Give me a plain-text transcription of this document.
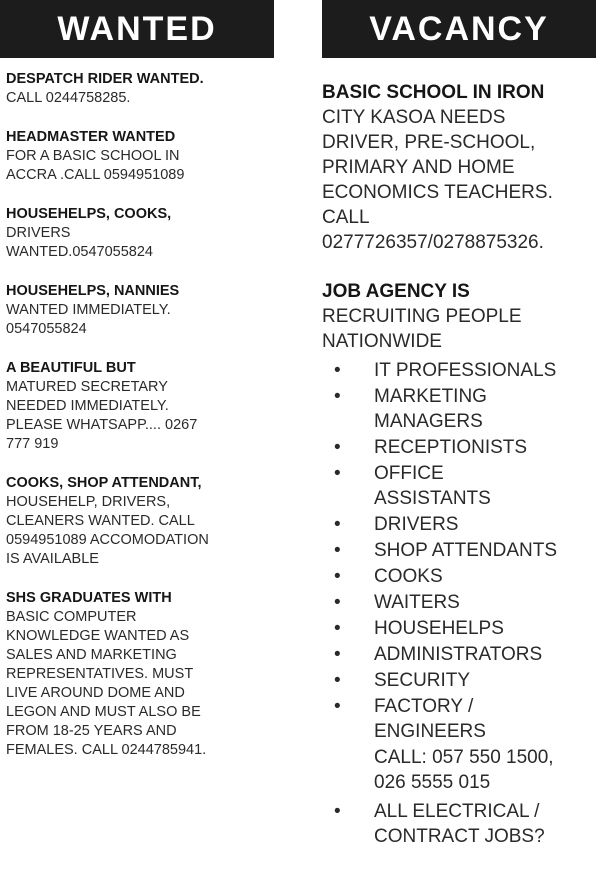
WANTED
DESPATCH RIDER WANTED.
CALL 0244758285.
HEADMASTER WANTED
FOR A BASIC SCHOOL IN
ACCRA .CALL 0594951089
HOUSEHELPS, COOKS,
DRIVERS
WANTED.0547055824
HOUSEHELPS, NANNIES
WANTED IMMEDIATELY.
0547055824
A BEAUTIFUL BUT
MATURED SECRETARY
NEEDED IMMEDIATELY.
PLEASE WHATSAPP.... 0267
777 919
COOKS, SHOP ATTENDANT,
HOUSEHELP, DRIVERS,
CLEANERS WANTED. CALL
0594951089 ACCOMODATION
IS AVAILABLE
SHS GRADUATES WITH
BASIC COMPUTER
KNOWLEDGE WANTED AS
SALES AND MARKETING
REPRESENTATIVES. MUST
LIVE AROUND DOME AND
LEGON AND MUST ALSO BE
FROM 18-25 YEARS AND
FEMALES. CALL 0244785941.
VACANCY
BASIC SCHOOL IN IRON
CITY KASOA NEEDS
DRIVER, PRE-SCHOOL,
PRIMARY AND HOME
ECONOMICS TEACHERS.
CALL
0277726357/0278875326.
JOB AGENCY IS
RECRUITING PEOPLE
NATIONWIDE
• IT PROFESSIONALS
• MARKETING
MANAGERS
• RECEPTIONISTS
• OFFICE
ASSISTANTS
• DRIVERS
• SHOP ATTENDANTS
• COOKS
• WAITERS
• HOUSEHELPS
• ADMINISTRATORS
• SECURITY
• FACTORY /
ENGINEERS
CALL: 057 550 1500,
026 5555 015
• ALL ELECTRICAL /
CONTRACT JOBS?
